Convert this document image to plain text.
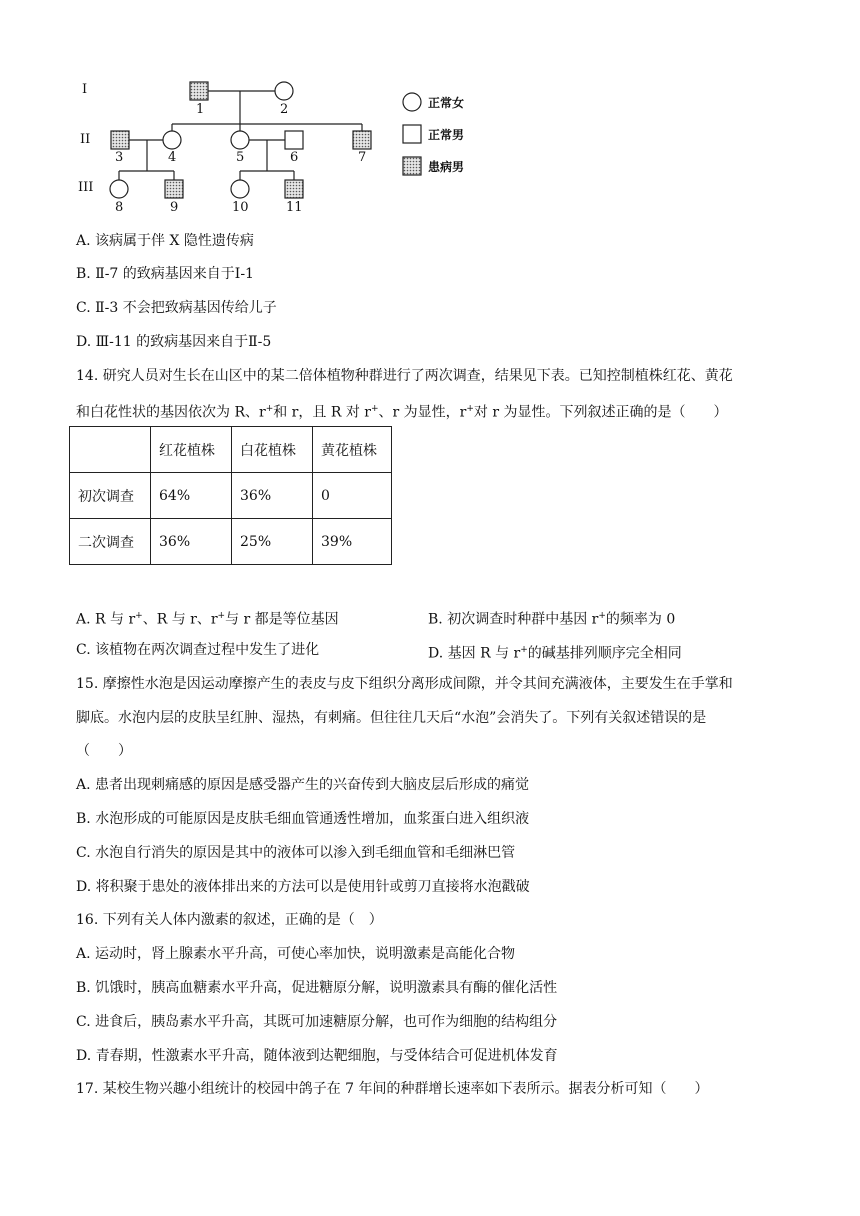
I
II
III
1	2
3	4	5	6	7
8	9	10	11
正常女
正常男
患病男
A. 该病属于伴 X 隐性遗传病
B. Ⅱ-7 的致病基因来自于Ⅰ-1
C. Ⅱ-3 不会把致病基因传给儿子
D. Ⅲ-11 的致病基因来自于Ⅱ-5
14. 研究人员对生长在山区中的某二倍体植物种群进行了两次调查，结果见下表。已知控制植株红花、黄花
和白花性状的基因依次为 R、r+和 r，且 R 对 r+、r 为显性，r+对 r 为显性。下列叙述正确的是（　　）
	红花植株	白花植株	黄花植株
初次调查	64%	36%	0
二次调查	36%	25%	39%
A. R 与 r+、R 与 r、r+与 r 都是等位基因	B. 初次调查时种群中基因 r+的频率为 0
C. 该植物在两次调查过程中发生了进化	D. 基因 R 与 r+的碱基排列顺序完全相同
15. 摩擦性水泡是因运动摩擦产生的表皮与皮下组织分离形成间隙，并令其间充满液体，主要发生在手掌和
脚底。水泡内层的皮肤呈红肿、湿热，有刺痛。但往往几天后“水泡”会消失了。下列有关叙述错误的是
（　　）
A. 患者出现刺痛感的原因是感受器产生的兴奋传到大脑皮层后形成的痛觉
B. 水泡形成的可能原因是皮肤毛细血管通透性增加，血浆蛋白进入组织液
C. 水泡自行消失的原因是其中的液体可以渗入到毛细血管和毛细淋巴管
D. 将积聚于患处的液体排出来的方法可以是使用针或剪刀直接将水泡戳破
16. 下列有关人体内激素的叙述，正确的是（　）
A. 运动时，肾上腺素水平升高，可使心率加快，说明激素是高能化合物
B. 饥饿时，胰高血糖素水平升高，促进糖原分解，说明激素具有酶的催化活性
C. 进食后，胰岛素水平升高，其既可加速糖原分解，也可作为细胞的结构组分
D. 青春期，性激素水平升高，随体液到达靶细胞，与受体结合可促进机体发育
17. 某校生物兴趣小组统计的校园中鸽子在 7 年间的种群增长速率如下表所示。据表分析可知（　　）
